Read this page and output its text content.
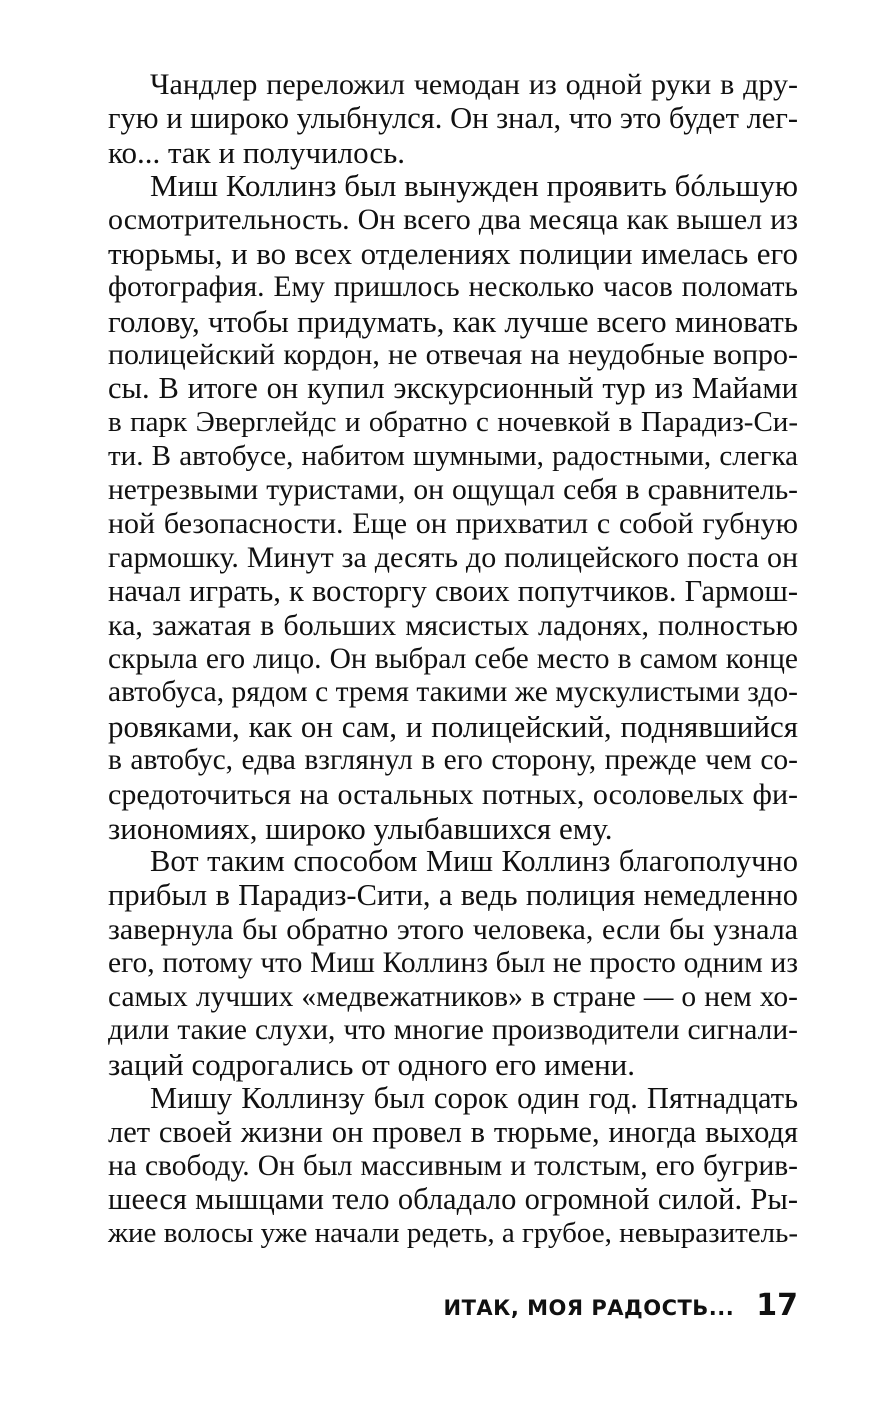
Чандлер переложил чемодан из одной руки в дру-
гую и широко улыбнулся. Он знал, что это будет лег-
ко... так и получилось.
Миш Коллинз был вынужден проявить бóльшую
осмотрительность. Он всего два месяца как вышел из
тюрьмы, и во всех отделениях полиции имелась его
фотография. Ему пришлось несколько часов поломать
голову, чтобы придумать, как лучше всего миновать
полицейский кордон, не отвечая на неудобные вопро-
сы. В итоге он купил экскурсионный тур из Майами
в парк Эверглейдс и обратно с ночевкой в Парадиз-Си-
ти. В автобусе, набитом шумными, радостными, слегка
нетрезвыми туристами, он ощущал себя в сравнитель-
ной безопасности. Еще он прихватил с собой губную
гармошку. Минут за десять до полицейского поста он
начал играть, к восторгу своих попутчиков. Гармош-
ка, зажатая в больших мясистых ладонях, полностью
скрыла его лицо. Он выбрал себе место в самом конце
автобуса, рядом с тремя такими же мускулистыми здо-
ровяками, как он сам, и полицейский, поднявшийся
в автобус, едва взглянул в его сторону, прежде чем со-
средоточиться на остальных потных, осоловелых фи-
зиономиях, широко улыбавшихся ему.
Вот таким способом Миш Коллинз благополучно
прибыл в Парадиз-Сити, а ведь полиция немедленно
завернула бы обратно этого человека, если бы узнала
его, потому что Миш Коллинз был не просто одним из
самых лучших «медвежатников» в стране — о нем хо-
дили такие слухи, что многие производители сигнали-
заций содрогались от одного его имени.
Мишу Коллинзу был сорок один год. Пятнадцать
лет своей жизни он провел в тюрьме, иногда выходя
на свободу. Он был массивным и толстым, его бугрив-
шееся мышцами тело обладало огромной силой. Ры-
жие волосы уже начали редеть, а грубое, невыразитель-
ИТАК, МОЯ РАДОСТЬ... 17
